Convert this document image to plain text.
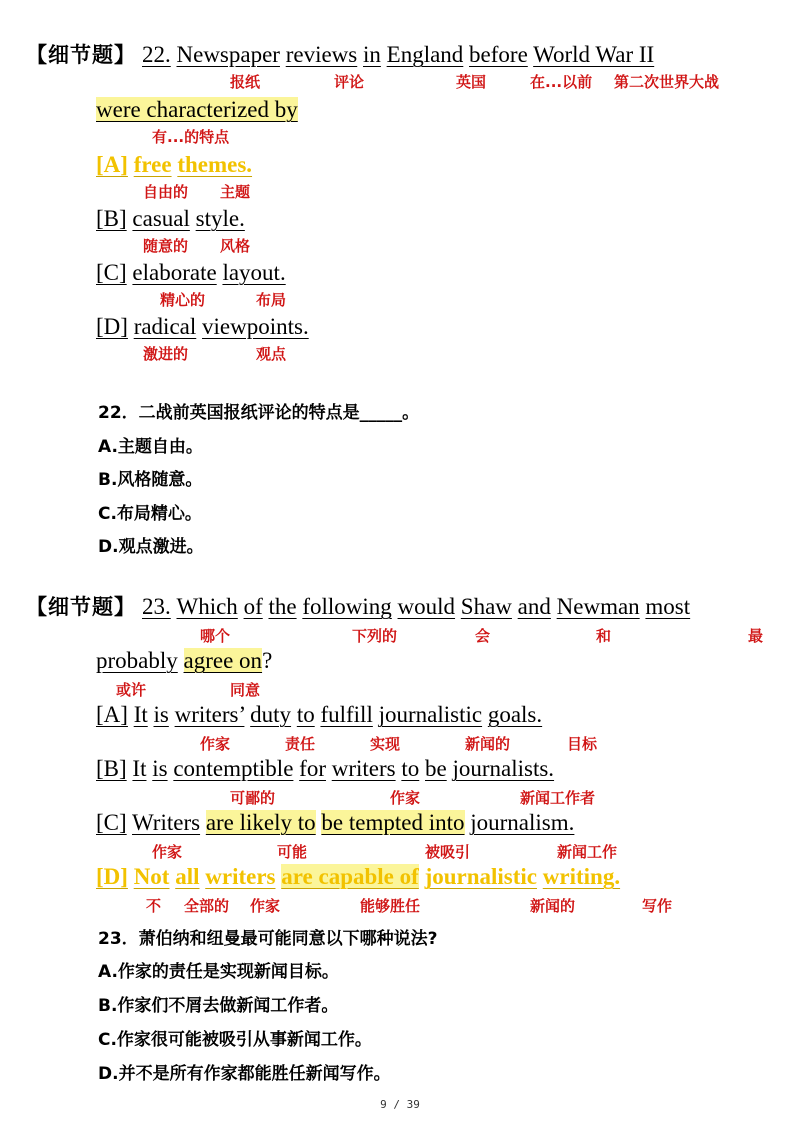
【细节题】 22. Newspaper reviews in England before World War II
报纸	评论	英国	在...以前 第二次世界大战
were characterized by
有...的特点
[A] free themes.
自由的 主题
[B] casual style.
随意的 风格
[C] elaborate layout.
精心的	布局
[D] radical viewpoints.
激进的	观点
22．二战前英国报纸评论的特点是_____。
A.主题自由。
B.风格随意。
C.布局精心。
D.观点激进。
【细节题】 23. Which of the following would Shaw and Newman most
哪个	下列的	会	和	最
probably agree on?
或许	同意
[A] It is writers’ duty to fulfill journalistic goals.
作家	责任	实现	新闻的	目标
[B] It is contemptible for writers to be journalists.
可鄙的	作家	新闻工作者
[C] Writers are likely to be tempted into journalism.
作家	可能	被吸引	新闻工作
[D] Not all writers are capable of journalistic writing.
不 全部的 作家	能够胜任	新闻的	写作
23．萧伯纳和纽曼最可能同意以下哪种说法?
A.作家的责任是实现新闻目标。
B.作家们不屑去做新闻工作者。
C.作家很可能被吸引从事新闻工作。
D.并不是所有作家都能胜任新闻写作。
9 / 39
